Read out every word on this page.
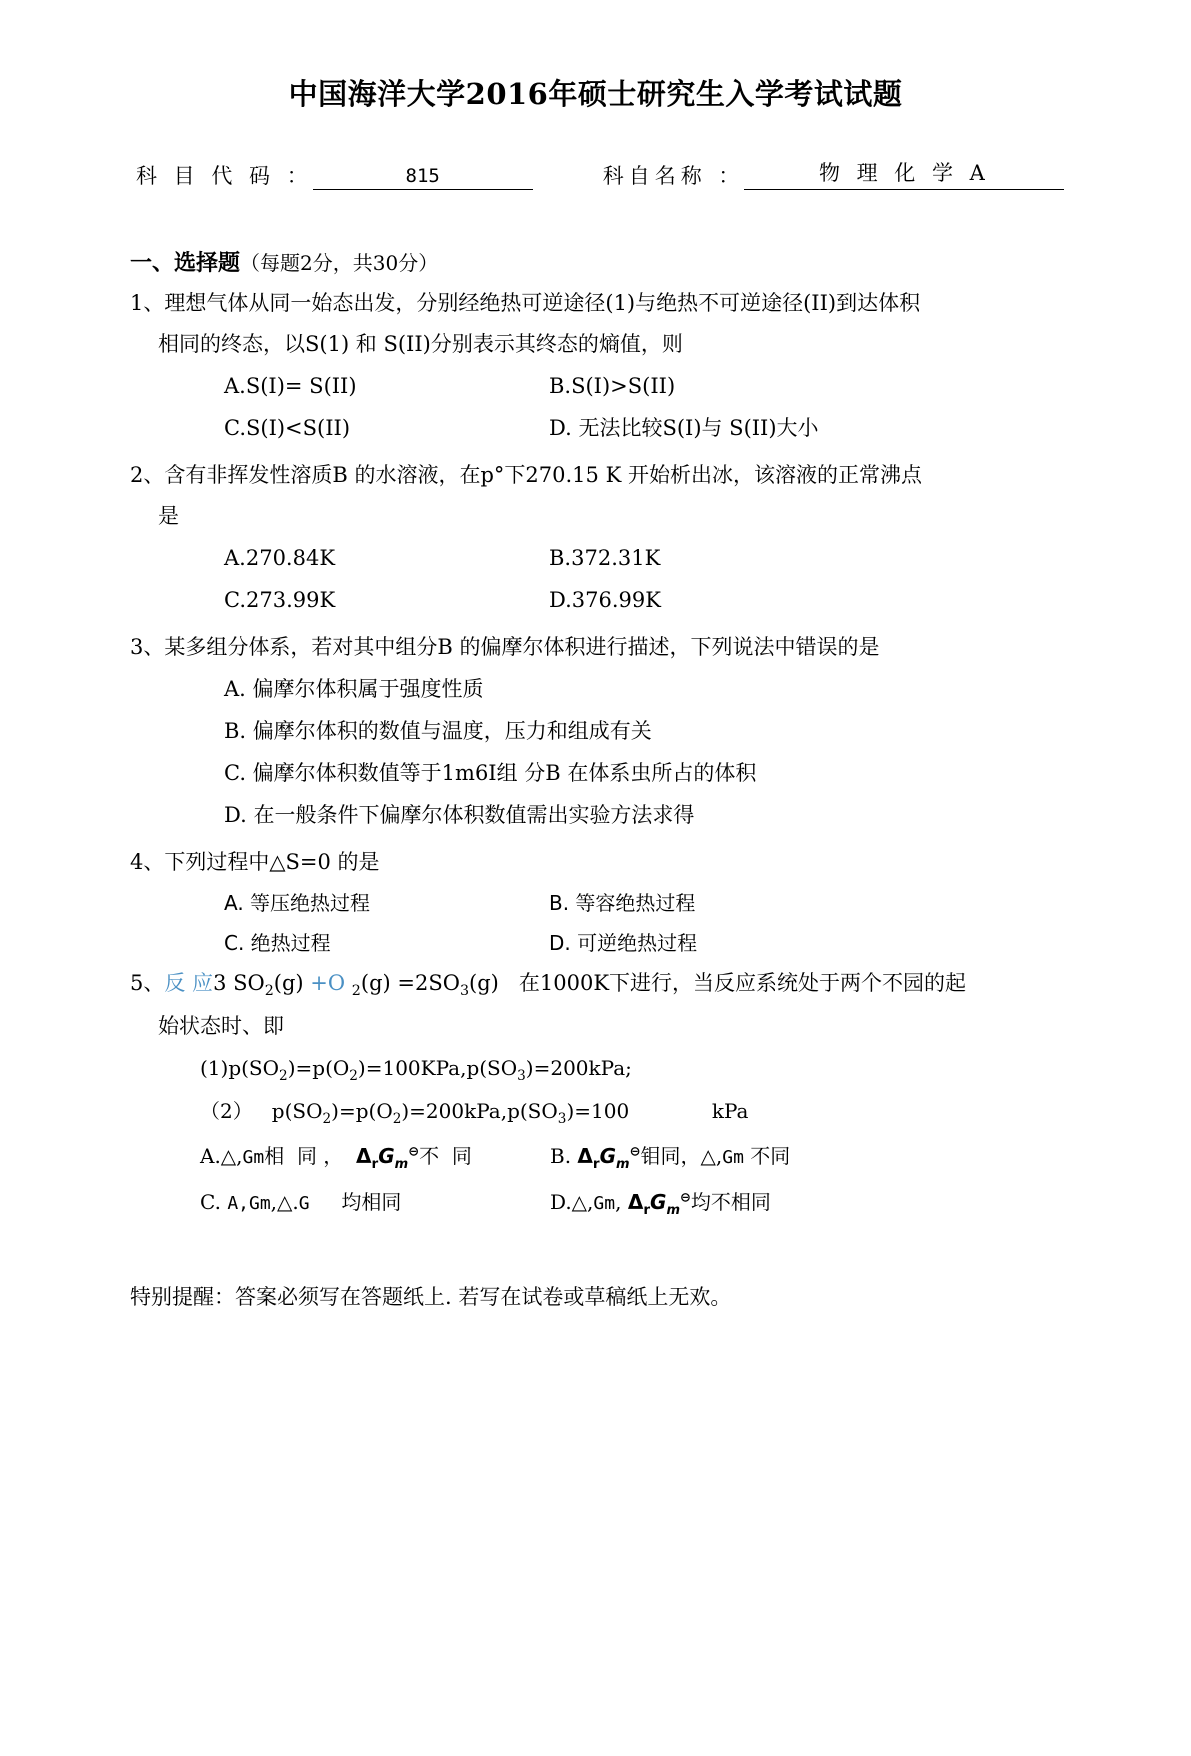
中国海洋大学2016年硕士研究生入学考试试题
科 目 代 码 ：	815	科自名称 ：	物 理 化 学 A
一、选择题（每题2分，共30分）
1、理想气体从同一始态出发，分别经绝热可逆途径(1)与绝热不可逆途径(II)到达体积
相同的终态，以S(1) 和 S(II)分别表示其终态的熵值，则
A.S(I)= S(II)	B.S(I)>S(II)
C.S(I)<S(II)	D. 无法比较S(I)与 S(II)大小
2、含有非挥发性溶质B 的水溶液，在p°下270.15 K 开始析出冰，该溶液的正常沸点
是
A.270.84K	B.372.31K
C.273.99K	D.376.99K
3、某多组分体系，若对其中组分B 的偏摩尔体积进行描述，下列说法中错误的是
A. 偏摩尔体积属于强度性质
B. 偏摩尔体积的数值与温度，压力和组成有关
C. 偏摩尔体积数值等于1m6Ⅰ组 分B 在体系虫所占的体积
D. 在一般条件下偏摩尔体积数值需出实验方法求得
4、下列过程中△S=0 的是
A. 等压绝热过程	B. 等容绝热过程
C. 绝热过程	D. 可逆绝热过程
5、反 应3 $SO_2(g) +O$ $_2(g) =2SO_3(g)$ 在1000K下进行，当反应系统处于两个不园的起
始状态时、即
$(1)p(SO_2)=p(O_2)=100KPa,p(SO_3)=200kPa$;
（2）   $p(SO_2)=p(O_2)=200kPa,p(SO_3)=100$             kPa
A.△,Gm相  同 ，  $\Delta_rG_m^⊖$不  同	B. $\Delta_rG_m^⊖$钼同，△,Gm 不同
C. A,Gm,△.G     均相同	D.△,Gm, $\Delta_rG_m^⊖$均不相同
特别提醒：答案必须写在答题纸上. 若写在试卷或草稿纸上无欢。
